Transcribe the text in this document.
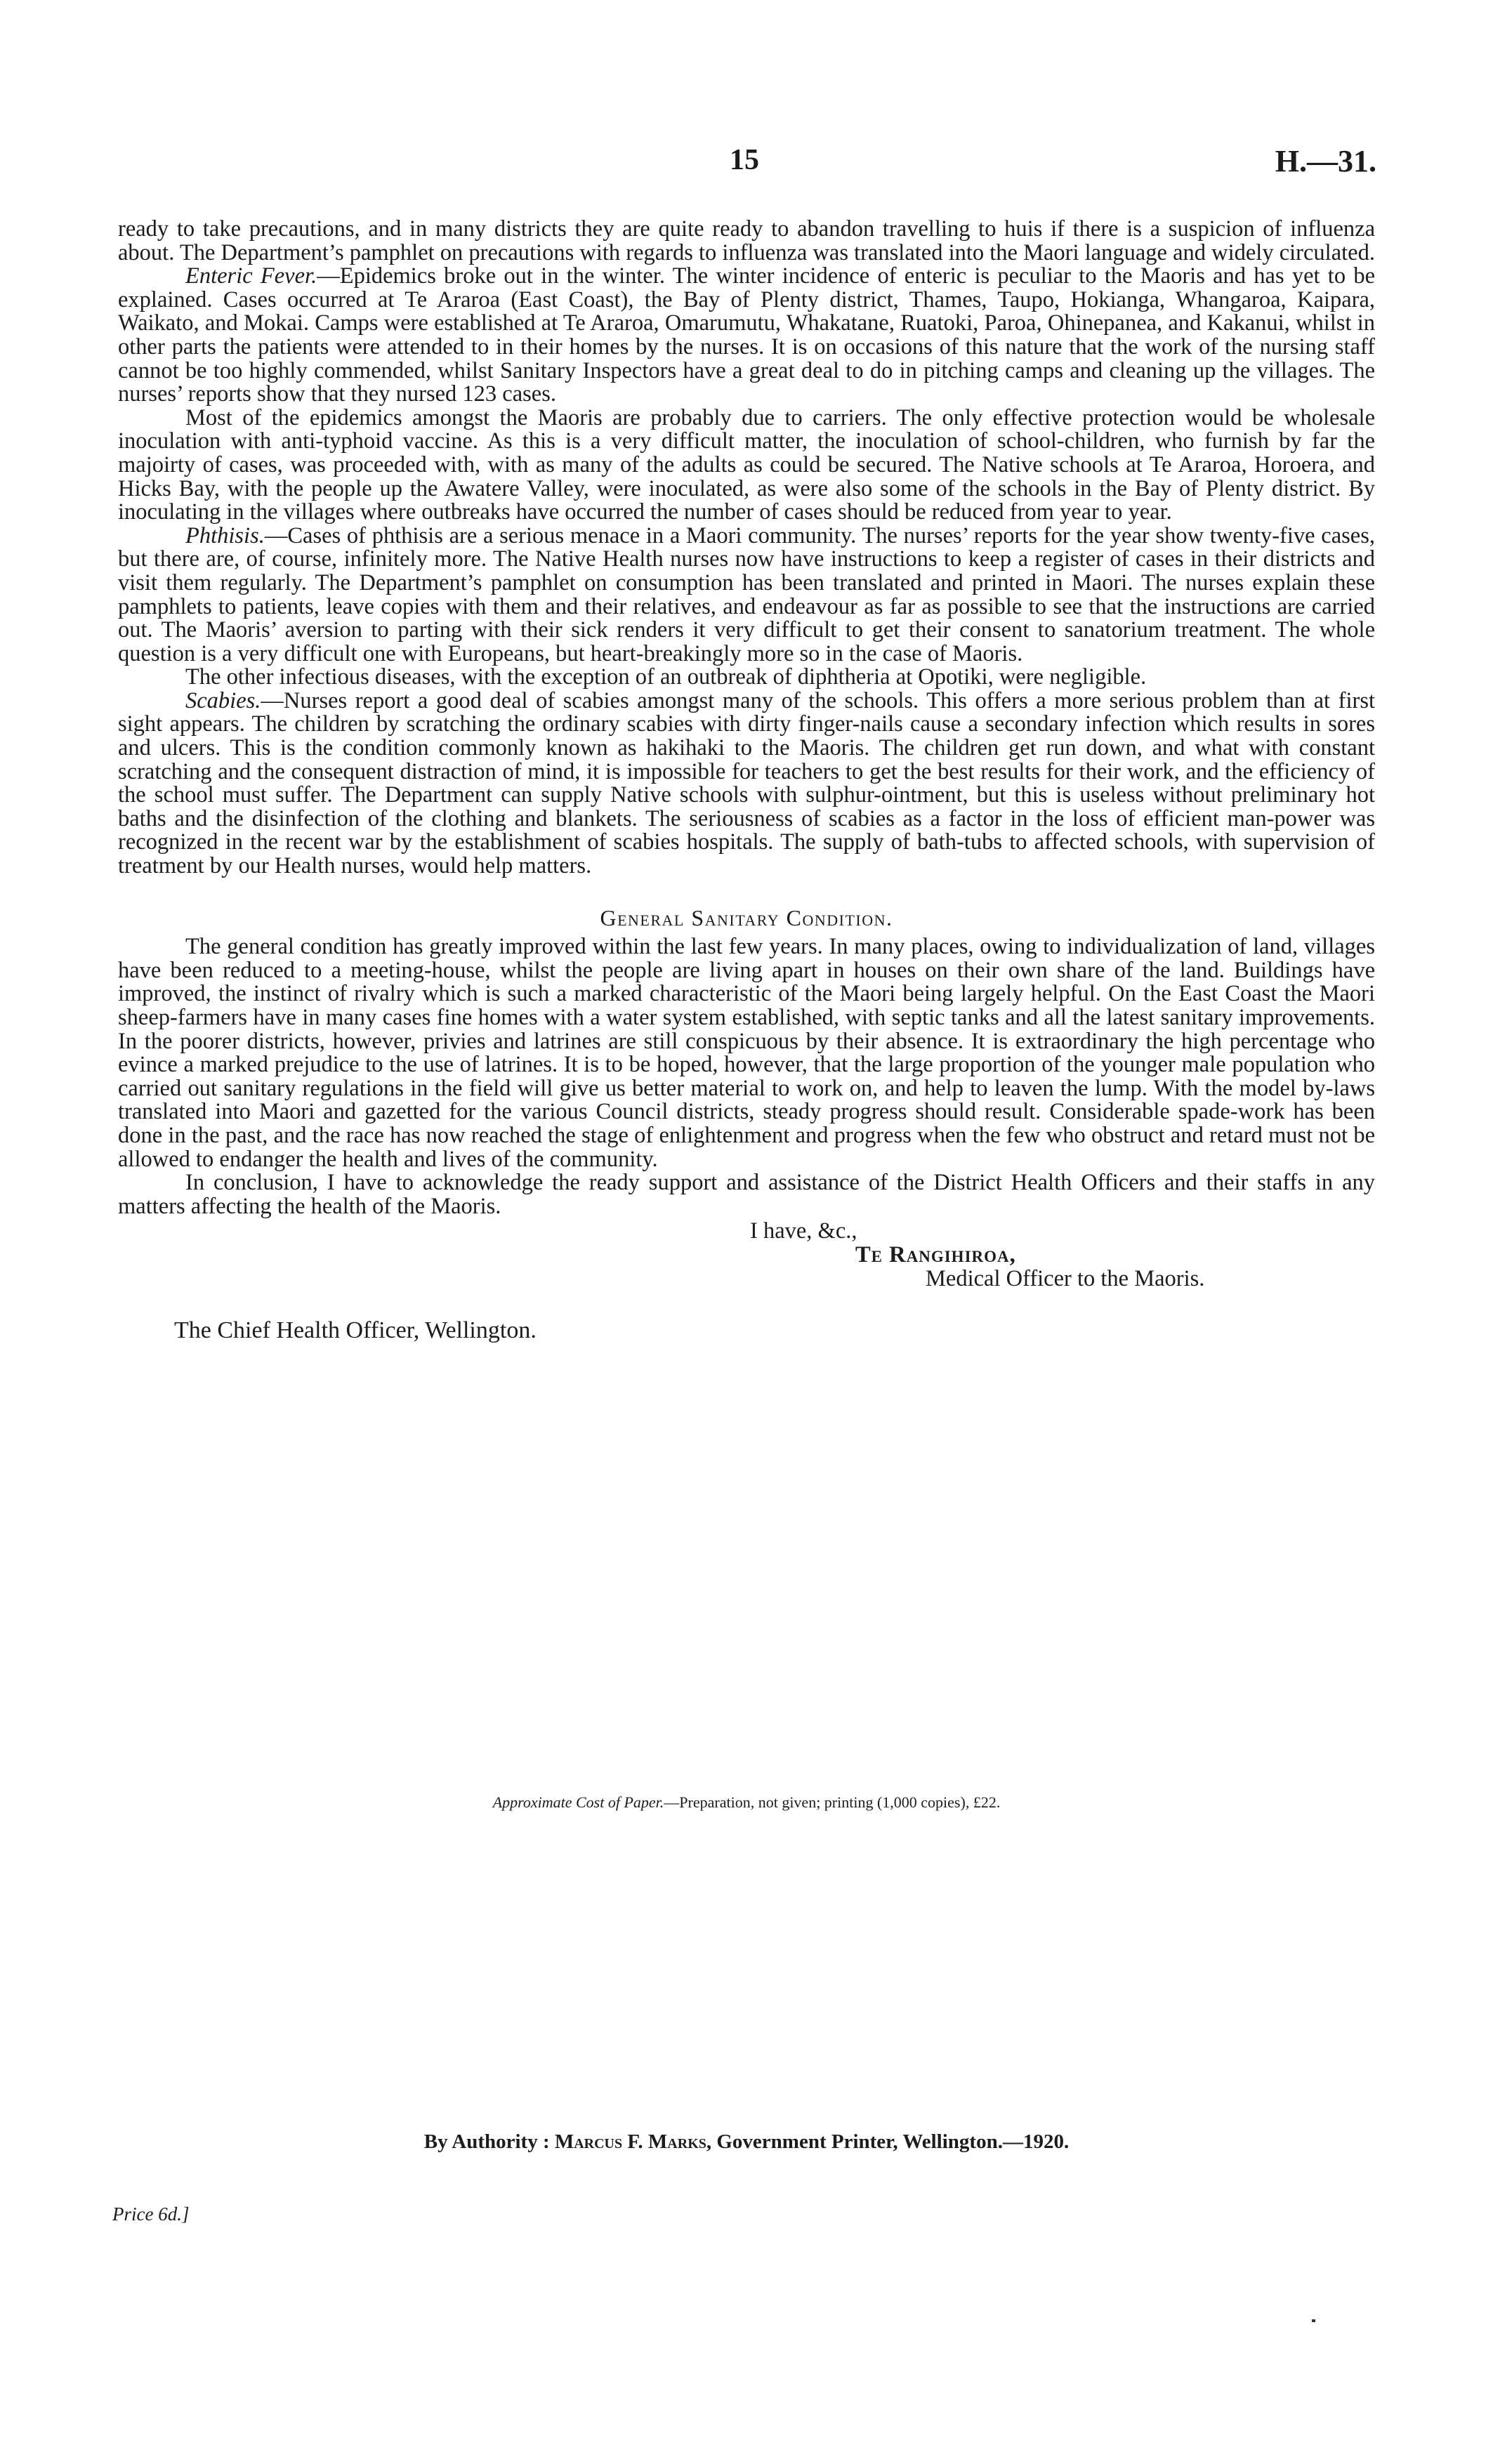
15	H.—31.

ready to take precautions, and in many districts they are quite ready to abandon travelling to huis if there is a suspicion of influenza about. The Department’s pamphlet on precautions with regards to influenza was translated into the Maori language and widely circulated.

Enteric Fever.—Epidemics broke out in the winter. The winter incidence of enteric is peculiar to the Maoris and has yet to be explained. Cases occurred at Te Araroa (East Coast), the Bay of Plenty district, Thames, Taupo, Hokianga, Whangaroa, Kaipara, Waikato, and Mokai. Camps were established at Te Araroa, Omarumutu, Whakatane, Ruatoki, Paroa, Ohinepanea, and Kakanui, whilst in other parts the patients were attended to in their homes by the nurses. It is on occasions of this nature that the work of the nursing staff cannot be too highly commended, whilst Sanitary Inspectors have a great deal to do in pitching camps and cleaning up the villages. The nurses’ reports show that they nursed 123 cases.

Most of the epidemics amongst the Maoris are probably due to carriers. The only effective protection would be wholesale inoculation with anti-typhoid vaccine. As this is a very difficult matter, the inoculation of school-children, who furnish by far the majoirty of cases, was proceeded with, with as many of the adults as could be secured. The Native schools at Te Araroa, Horoera, and Hicks Bay, with the people up the Awatere Valley, were inoculated, as were also some of the schools in the Bay of Plenty district. By inoculating in the villages where outbreaks have occurred the number of cases should be reduced from year to year.

Phthisis.—Cases of phthisis are a serious menace in a Maori community. The nurses’ reports for the year show twenty-five cases, but there are, of course, infinitely more. The Native Health nurses now have instructions to keep a register of cases in their districts and visit them regularly. The Department’s pamphlet on consumption has been translated and printed in Maori. The nurses explain these pamphlets to patients, leave copies with them and their relatives, and endeavour as far as possible to see that the instructions are carried out. The Maoris’ aversion to parting with their sick renders it very difficult to get their consent to sanatorium treatment. The whole question is a very difficult one with Europeans, but heart-breakingly more so in the case of Maoris.

The other infectious diseases, with the exception of an outbreak of diphtheria at Opotiki, were negligible.

Scabies.—Nurses report a good deal of scabies amongst many of the schools. This offers a more serious problem than at first sight appears. The children by scratching the ordinary scabies with dirty finger-nails cause a secondary infection which results in sores and ulcers. This is the condition commonly known as hakihaki to the Maoris. The children get run down, and what with constant scratching and the consequent distraction of mind, it is impossible for teachers to get the best results for their work, and the efficiency of the school must suffer. The Department can supply Native schools with sulphur-ointment, but this is useless without preliminary hot baths and the disinfection of the clothing and blankets. The seriousness of scabies as a factor in the loss of efficient man-power was recognized in the recent war by the establishment of scabies hospitals. The supply of bath-tubs to affected schools, with supervision of treatment by our Health nurses, would help matters.

General Sanitary Condition.

The general condition has greatly improved within the last few years. In many places, owing to individualization of land, villages have been reduced to a meeting-house, whilst the people are living apart in houses on their own share of the land. Buildings have improved, the instinct of rivalry which is such a marked characteristic of the Maori being largely helpful. On the East Coast the Maori sheep-farmers have in many cases fine homes with a water system established, with septic tanks and all the latest sanitary improvements. In the poorer districts, however, privies and latrines are still conspicuous by their absence. It is extraordinary the high percentage who evince a marked prejudice to the use of latrines. It is to be hoped, however, that the large proportion of the younger male population who carried out sanitary regulations in the field will give us better material to work on, and help to leaven the lump. With the model by-laws translated into Maori and gazetted for the various Council districts, steady progress should result. Considerable spade-work has been done in the past, and the race has now reached the stage of enlightenment and progress when the few who obstruct and retard must not be allowed to endanger the health and lives of the community.

In conclusion, I have to acknowledge the ready support and assistance of the District Health Officers and their staffs in any matters affecting the health of the Maoris.

I have, &c.,
Te Rangihiroa,
Medical Officer to the Maoris.
The Chief Health Officer, Wellington.
Approximate Cost of Paper.—Preparation, not given; printing (1,000 copies), £22.
By Authority : Marcus F. Marks, Government Printer, Wellington.—1920.
Price 6d.]
